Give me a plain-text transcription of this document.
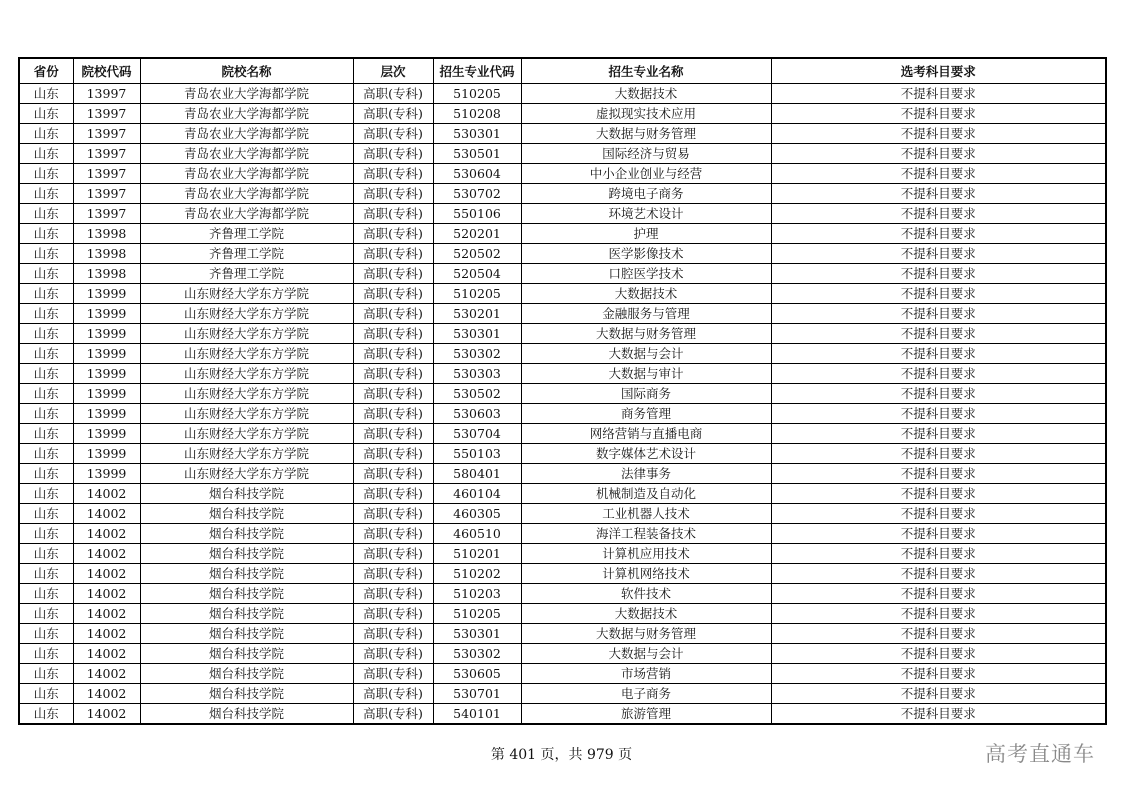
省份	院校代码	院校名称	层次	招生专业代码	招生专业名称	选考科目要求
山东	13997	青岛农业大学海都学院	高职(专科)	510205	大数据技术	不提科目要求
山东	13997	青岛农业大学海都学院	高职(专科)	510208	虚拟现实技术应用	不提科目要求
山东	13997	青岛农业大学海都学院	高职(专科)	530301	大数据与财务管理	不提科目要求
山东	13997	青岛农业大学海都学院	高职(专科)	530501	国际经济与贸易	不提科目要求
山东	13997	青岛农业大学海都学院	高职(专科)	530604	中小企业创业与经营	不提科目要求
山东	13997	青岛农业大学海都学院	高职(专科)	530702	跨境电子商务	不提科目要求
山东	13997	青岛农业大学海都学院	高职(专科)	550106	环境艺术设计	不提科目要求
山东	13998	齐鲁理工学院	高职(专科)	520201	护理	不提科目要求
山东	13998	齐鲁理工学院	高职(专科)	520502	医学影像技术	不提科目要求
山东	13998	齐鲁理工学院	高职(专科)	520504	口腔医学技术	不提科目要求
山东	13999	山东财经大学东方学院	高职(专科)	510205	大数据技术	不提科目要求
山东	13999	山东财经大学东方学院	高职(专科)	530201	金融服务与管理	不提科目要求
山东	13999	山东财经大学东方学院	高职(专科)	530301	大数据与财务管理	不提科目要求
山东	13999	山东财经大学东方学院	高职(专科)	530302	大数据与会计	不提科目要求
山东	13999	山东财经大学东方学院	高职(专科)	530303	大数据与审计	不提科目要求
山东	13999	山东财经大学东方学院	高职(专科)	530502	国际商务	不提科目要求
山东	13999	山东财经大学东方学院	高职(专科)	530603	商务管理	不提科目要求
山东	13999	山东财经大学东方学院	高职(专科)	530704	网络营销与直播电商	不提科目要求
山东	13999	山东财经大学东方学院	高职(专科)	550103	数字媒体艺术设计	不提科目要求
山东	13999	山东财经大学东方学院	高职(专科)	580401	法律事务	不提科目要求
山东	14002	烟台科技学院	高职(专科)	460104	机械制造及自动化	不提科目要求
山东	14002	烟台科技学院	高职(专科)	460305	工业机器人技术	不提科目要求
山东	14002	烟台科技学院	高职(专科)	460510	海洋工程装备技术	不提科目要求
山东	14002	烟台科技学院	高职(专科)	510201	计算机应用技术	不提科目要求
山东	14002	烟台科技学院	高职(专科)	510202	计算机网络技术	不提科目要求
山东	14002	烟台科技学院	高职(专科)	510203	软件技术	不提科目要求
山东	14002	烟台科技学院	高职(专科)	510205	大数据技术	不提科目要求
山东	14002	烟台科技学院	高职(专科)	530301	大数据与财务管理	不提科目要求
山东	14002	烟台科技学院	高职(专科)	530302	大数据与会计	不提科目要求
山东	14002	烟台科技学院	高职(专科)	530605	市场营销	不提科目要求
山东	14002	烟台科技学院	高职(专科)	530701	电子商务	不提科目要求
山东	14002	烟台科技学院	高职(专科)	540101	旅游管理	不提科目要求
第 401 页，共 979 页	高考直通车
